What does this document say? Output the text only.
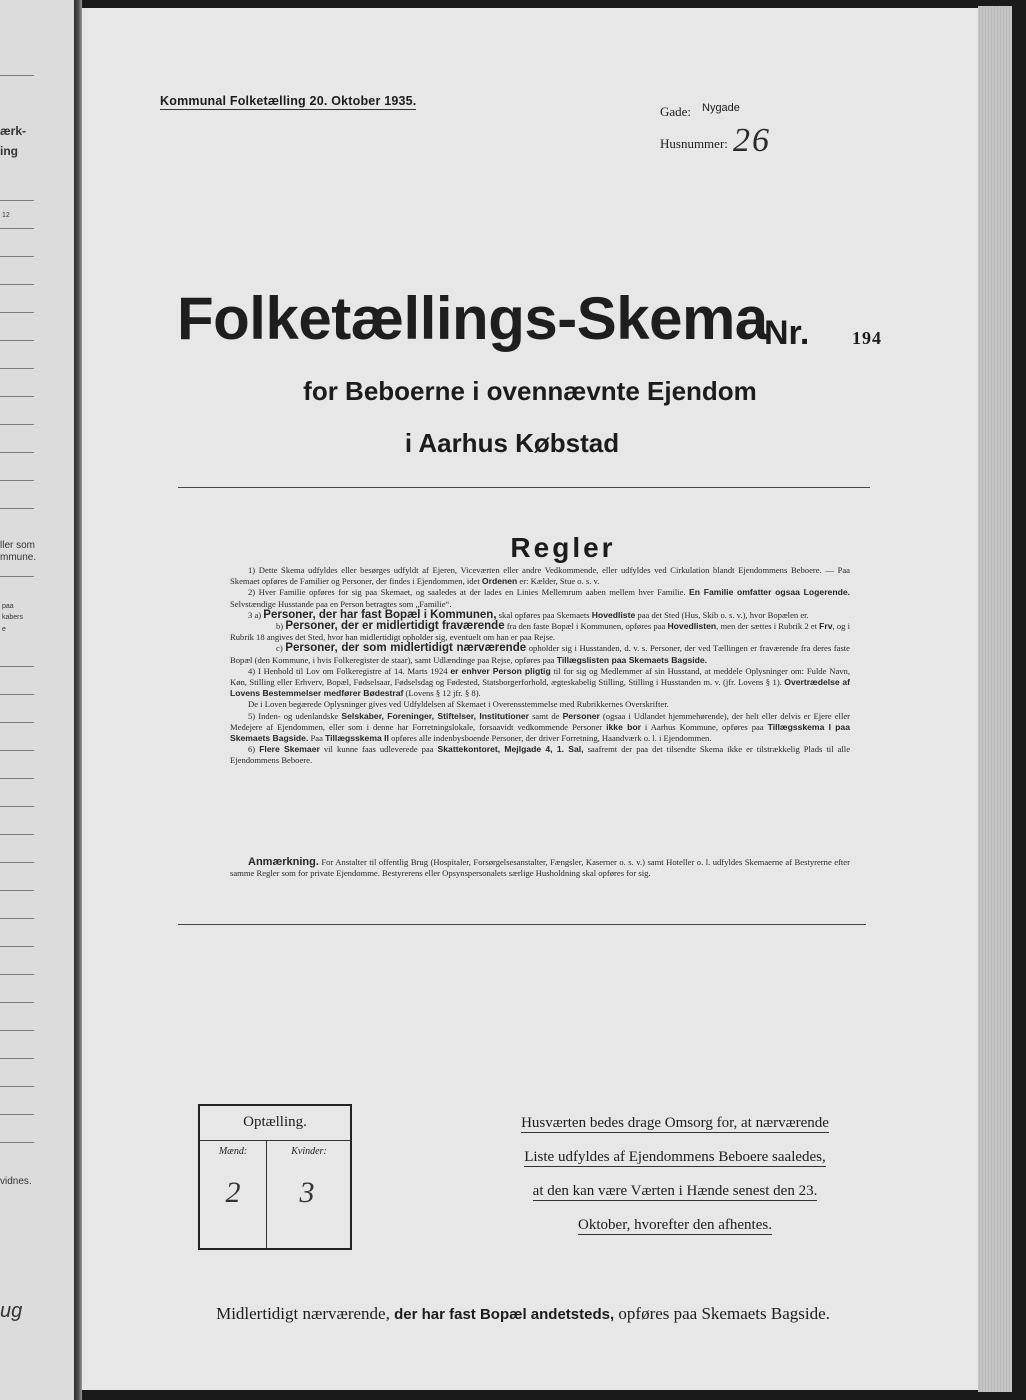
ærk-
ing
12
ller som
mmune.
paa
kabers
e
vidnes.
ug
Kommunal Folketælling 20. Oktober 1935.
Gade: Nygade
Husnummer: 26
Folketællings-Skema
Nr. 194
for Beboerne i ovennævnte Ejendom
i Aarhus Købstad
Regler

1) Dette Skema udfyldes eller besørges udfyldt af Ejeren, Viceværten eller andre Vedkommende, eller udfyldes ved Cirkulation blandt Ejendommens Beboere. — Paa Skemaet opføres de Familier og Personer, der findes i Ejendommen, idet Ordenen er: Kælder, Stue o. s. v.

2) Hver Familie opføres for sig paa Skemaet, og saaledes at der lades en Linies Mellemrum aaben mellem hver Familie. En Familie omfatter ogsaa Logerende. Selvstændige Husstande paa en Person betragtes som „Familie“.

3 a) Personer, der har fast Bopæl i Kommunen, skal opføres paa Skemaets Hovedliste paa det Sted (Hus, Skib o. s. v.), hvor Bopælen er.

b) Personer, der er midlertidigt fraværende fra den faste Bopæl i Kommunen, opføres paa Hovedlisten, men der sættes i Rubrik 2 et Frv, og i Rubrik 18 angives det Sted, hvor han midlertidigt opholder sig, eventuelt om han er paa Rejse.

c) Personer, der som midlertidigt nærværende opholder sig i Husstanden, d. v. s. Personer, der ved Tællingen er fraværende fra deres faste Bopæl (den Kommune, i hvis Folkeregister de staar), samt Udlændinge paa Rejse, opføres paa Tillægslisten paa Skemaets Bagside.

4) I Henhold til Lov om Folkeregistre af 14. Marts 1924 er enhver Person pligtig til for sig og Medlemmer af sin Husstand, at meddele Oplysninger om: Fulde Navn, Køn, Stilling eller Erhverv, Bopæl, Fødselsaar, Fødselsdag og Fødested, Statsborgerforhold, ægteskabelig Stilling, Stilling i Husstanden m. v. (jfr. Lovens § 1). Overtrædelse af Lovens Bestemmelser medfører Bødestraf (Lovens § 12 jfr. § 8).

De i Loven begærede Oplysninger gives ved Udfyldelsen af Skemaet i Overensstemmelse med Rubrikkernes Overskrifter.

5) Inden- og udenlandske Selskaber, Foreninger, Stiftelser, Institutioner samt de Personer (ogsaa i Udlandet hjemmehørende), der helt eller delvis er Ejere eller Medejere af Ejendommen, eller som i denne har Forretningslokale, forsaavidt vedkommende Personer ikke bor i Aarhus Kommune, opføres paa Tillægsskema I paa Skemaets Bagside. Paa Tillægsskema II opføres alle indenbysboende Personer, der driver Forretning, Haandværk o. l. i Ejendommen.

6) Flere Skemaer vil kunne faas udleverede paa Skattekontoret, Mejlgade 4, 1. Sal, saafremt der paa det tilsendte Skema ikke er tilstrækkelig Plads til alle Ejendommens Beboere.

Anmærkning. For Anstalter til offentlig Brug (Hospitaler, Forsørgelsesanstalter, Fængsler, Kaserner o. s. v.) samt Hoteller o. l. udfyldes Skemaerne af Bestyrerne efter samme Regler som for private Ejendomme. Bestyrerens eller Opsynspersonalets særlige Husholdning skal opføres for sig.

Optælling.
Mænd:	Kvinder:
2 3
Husværten bedes drage Omsorg for, at nærværende
Liste udfyldes af Ejendommens Beboere saaledes,
at den kan være Værten i Hænde senest den 23.
Oktober, hvorefter den afhentes.
Midlertidigt nærværende, der har fast Bopæl andetsteds, opføres paa Skemaets Bagside.
